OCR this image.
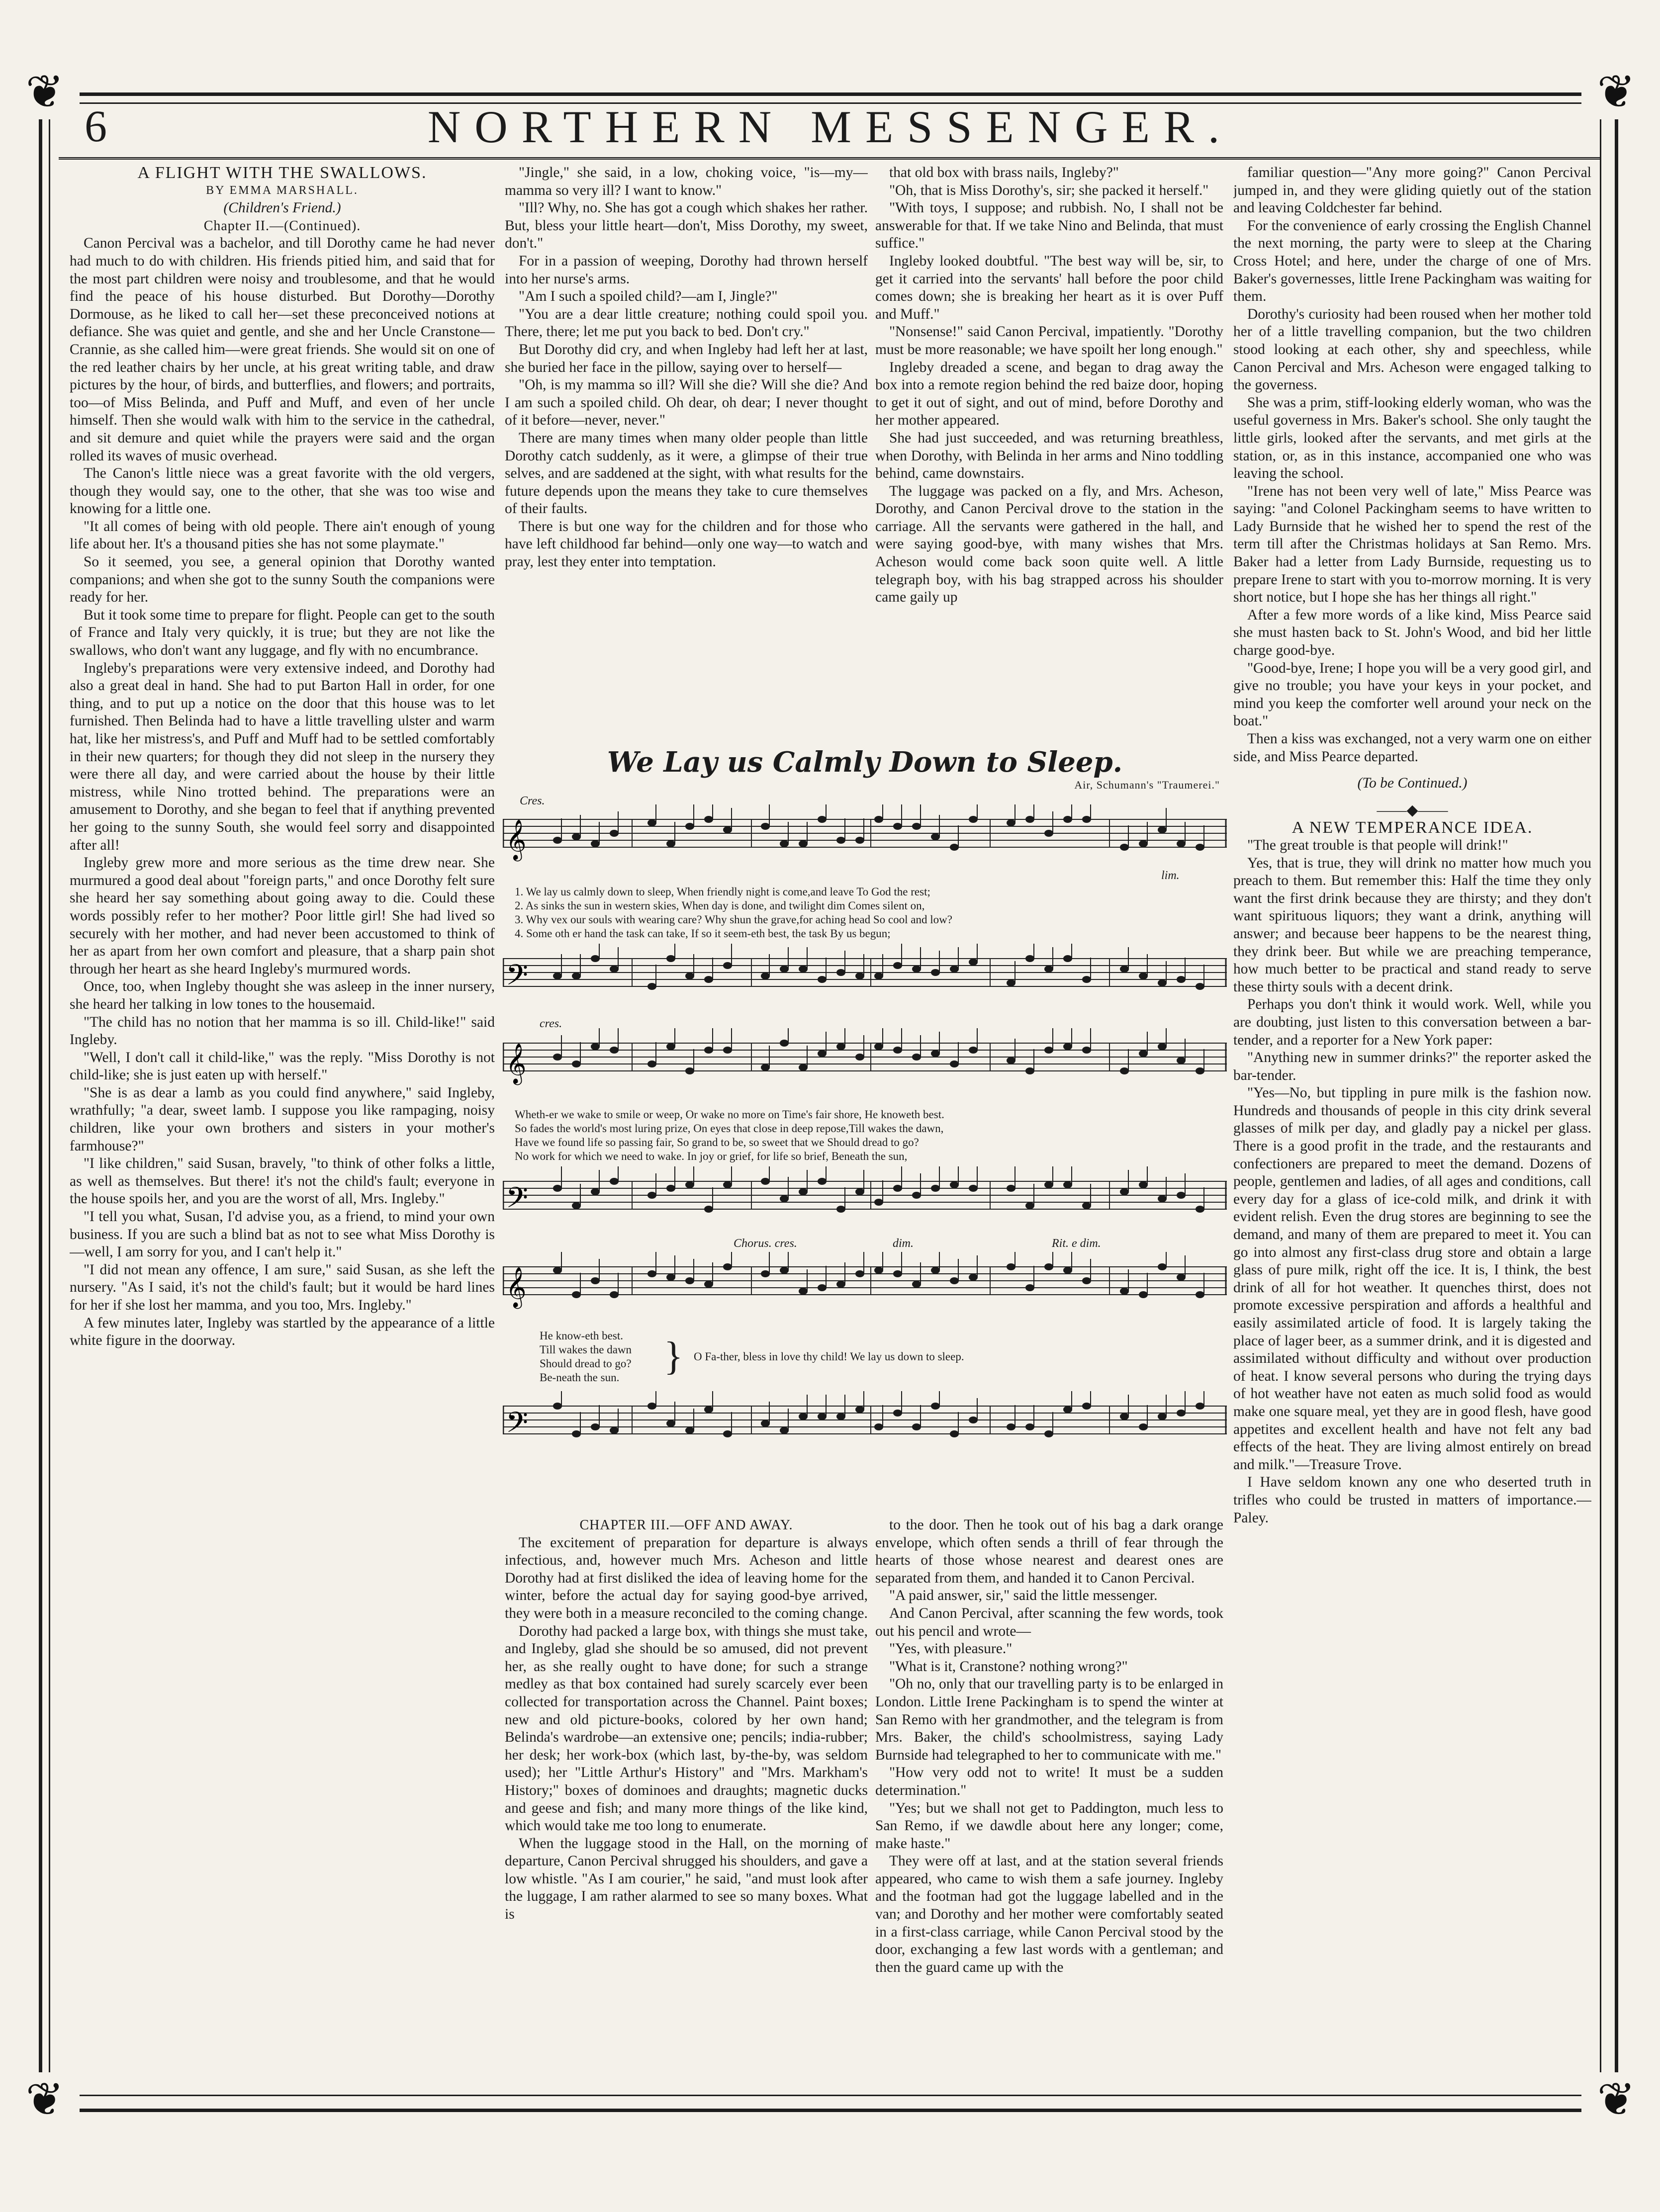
❦	❦
❦	❦
6	NORTHERN MESSENGER.

A FLIGHT WITH THE SWALLOWS.

BY EMMA MARSHALL.

(Children's Friend.)

Chapter II.—(Continued).

Canon Percival was a bachelor, and till Dorothy came he had never had much to do with children. His friends pitied him, and said that for the most part children were noisy and troublesome, and that he would find the peace of his house disturbed. But Dorothy—Dorothy Dormouse, as he liked to call her—set these preconceived notions at defiance. She was quiet and gentle, and she and her Uncle Cranstone—Crannie, as she called him—were great friends. She would sit on one of the red leather chairs by her uncle, at his great writing table, and draw pictures by the hour, of birds, and butterflies, and flowers; and portraits, too—of Miss Belinda, and Puff and Muff, and even of her uncle himself. Then she would walk with him to the service in the cathedral, and sit demure and quiet while the prayers were said and the organ rolled its waves of music overhead.

The Canon's little niece was a great favorite with the old vergers, though they would say, one to the other, that she was too wise and knowing for a little one.

"It all comes of being with old people. There ain't enough of young life about her. It's a thousand pities she has not some playmate."

So it seemed, you see, a general opinion that Dorothy wanted companions; and when she got to the sunny South the companions were ready for her.

But it took some time to prepare for flight. People can get to the south of France and Italy very quickly, it is true; but they are not like the swallows, who don't want any luggage, and fly with no encumbrance.

Ingleby's preparations were very extensive indeed, and Dorothy had also a great deal in hand. She had to put Barton Hall in order, for one thing, and to put up a notice on the door that this house was to let furnished. Then Belinda had to have a little travelling ulster and warm hat, like her mistress's, and Puff and Muff had to be settled comfortably in their new quarters; for though they did not sleep in the nursery they were there all day, and were carried about the house by their little mistress, while Nino trotted behind. The preparations were an amusement to Dorothy, and she began to feel that if anything prevented her going to the sunny South, she would feel sorry and disappointed after all!

Ingleby grew more and more serious as the time drew near. She murmured a good deal about "foreign parts," and once Dorothy felt sure she heard her say something about going away to die. Could these words possibly refer to her mother? Poor little girl! She had lived so securely with her mother, and had never been accustomed to think of her as apart from her own comfort and pleasure, that a sharp pain shot through her heart as she heard Ingleby's murmured words.

Once, too, when Ingleby thought she was asleep in the inner nursery, she heard her talking in low tones to the housemaid.

"The child has no notion that her mamma is so ill. Child-like!" said Ingleby.

"Well, I don't call it child-like," was the reply. "Miss Dorothy is not child-like; she is just eaten up with herself."

"She is as dear a lamb as you could find anywhere," said Ingleby, wrathfully; "a dear, sweet lamb. I suppose you like rampaging, noisy children, like your own brothers and sisters in your mother's farmhouse?"

"I like children," said Susan, bravely, "to think of other folks a little, as well as themselves. But there! it's not the child's fault; everyone in the house spoils her, and you are the worst of all, Mrs. Ingleby."

"I tell you what, Susan, I'd advise you, as a friend, to mind your own business. If you are such a blind bat as not to see what Miss Dorothy is—well, I am sorry for you, and I can't help it."

"I did not mean any offence, I am sure," said Susan, as she left the nursery. "As I said, it's not the child's fault; but it would be hard lines for her if she lost her mamma, and you too, Mrs. Ingleby."

A few minutes later, Ingleby was startled by the appearance of a little white figure in the doorway.

"Jingle," she said, in a low, choking voice, "is—my—mamma so very ill? I want to know."

"Ill? Why, no. She has got a cough which shakes her rather. But, bless your little heart—don't, Miss Dorothy, my sweet, don't."

For in a passion of weeping, Dorothy had thrown herself into her nurse's arms.

"Am I such a spoiled child?—am I, Jingle?"

"You are a dear little creature; nothing could spoil you. There, there; let me put you back to bed. Don't cry."

But Dorothy did cry, and when Ingleby had left her at last, she buried her face in the pillow, saying over to herself—

"Oh, is my mamma so ill? Will she die? Will she die? And I am such a spoiled child. Oh dear, oh dear; I never thought of it before—never, never."

There are many times when many older people than little Dorothy catch suddenly, as it were, a glimpse of their true selves, and are saddened at the sight, with what results for the future depends upon the means they take to cure themselves of their faults.

There is but one way for the children and for those who have left childhood far behind—only one way—to watch and pray, lest they enter into temptation.

that old box with brass nails, Ingleby?"

"Oh, that is Miss Dorothy's, sir; she packed it herself."

"With toys, I suppose; and rubbish. No, I shall not be answerable for that. If we take Nino and Belinda, that must suffice."

Ingleby looked doubtful. "The best way will be, sir, to get it carried into the servants' hall before the poor child comes down; she is breaking her heart as it is over Puff and Muff."

"Nonsense!" said Canon Percival, impatiently. "Dorothy must be more reasonable; we have spoilt her long enough."

Ingleby dreaded a scene, and began to drag away the box into a remote region behind the red baize door, hoping to get it out of sight, and out of mind, before Dorothy and her mother appeared.

She had just succeeded, and was returning breathless, when Dorothy, with Belinda in her arms and Nino toddling behind, came downstairs.

The luggage was packed on a fly, and Mrs. Acheson, Dorothy, and Canon Percival drove to the station in the carriage. All the servants were gathered in the hall, and were saying good-bye, with many wishes that Mrs. Acheson would come back soon quite well. A little telegraph boy, with his bag strapped across his shoulder came gaily up

familiar question—"Any more going?" Canon Percival jumped in, and they were gliding quietly out of the station and leaving Coldchester far behind.

For the convenience of early crossing the English Channel the next morning, the party were to sleep at the Charing Cross Hotel; and here, under the charge of one of Mrs. Baker's governesses, little Irene Packingham was waiting for them.

Dorothy's curiosity had been roused when her mother told her of a little travelling companion, but the two children stood looking at each other, shy and speechless, while Canon Percival and Mrs. Acheson were engaged talking to the governess.

She was a prim, stiff-looking elderly woman, who was the useful governess in Mrs. Baker's school. She only taught the little girls, looked after the servants, and met girls at the station, or, as in this instance, accompanied one who was leaving the school.

"Irene has not been very well of late," Miss Pearce was saying: "and Colonel Packingham seems to have written to Lady Burnside that he wished her to spend the rest of the term till after the Christmas holidays at San Remo. Mrs. Baker had a letter from Lady Burnside, requesting us to prepare Irene to start with you to-morrow morning. It is very short notice, but I hope she has her things all right."

After a few more words of a like kind, Miss Pearce said she must hasten back to St. John's Wood, and bid her little charge good-bye.

"Good-bye, Irene; I hope you will be a very good girl, and give no trouble; you have your keys in your pocket, and mind you keep the comforter well around your neck on the boat."

Then a kiss was exchanged, not a very warm one on either side, and Miss Pearce departed.

(To be Continued.)

——◆——

A NEW TEMPERANCE IDEA.

"The great trouble is that people will drink!"

Yes, that is true, they will drink no matter how much you preach to them. But remember this: Half the time they only want the first drink because they are thirsty; and they don't want spirituous liquors; they want a drink, anything will answer; and because beer happens to be the nearest thing, they drink beer. But while we are preaching temperance, how much better to be practical and stand ready to serve these thirty souls with a decent drink.

Perhaps you don't think it would work. Well, while you are doubting, just listen to this conversation between a bar-tender, and a reporter for a New York paper:

"Anything new in summer drinks?" the reporter asked the bar-tender.

"Yes—No, but tippling in pure milk is the fashion now. Hundreds and thousands of people in this city drink several glasses of milk per day, and gladly pay a nickel per glass. There is a good profit in the trade, and the restaurants and confectioners are prepared to meet the demand. Dozens of people, gentlemen and ladies, of all ages and conditions, call every day for a glass of ice-cold milk, and drink it with evident relish. Even the drug stores are beginning to see the demand, and many of them are prepared to meet it. You can go into almost any first-class drug store and obtain a large glass of pure milk, right off the ice. It is, I think, the best drink of all for hot weather. It quenches thirst, does not promote excessive perspiration and affords a healthful and easily assimilated article of food. It is largely taking the place of lager beer, as a summer drink, and it is digested and assimilated without difficulty and without over production of heat. I know several persons who during the trying days of hot weather have not eaten as much solid food as would make one square meal, yet they are in good flesh, have good appetites and excellent health and have not felt any bad effects of the heat. They are living almost entirely on bread and milk."—Treasure Trove.

I Have seldom known any one who deserted truth in trifles who could be trusted in matters of importance.—Paley.

We Lay us Calmly Down to Sleep.
Air, Schumann's "Traumerei."
Cres.
𝄞
lim.
1. We lay us calmly down to sleep, When friendly night is come,and leave To God the rest;
2. As sinks the sun in western skies, When day is done, and twilight dim Comes silent on,
3. Why vex our souls with wearing care? Why shun the grave,for aching head So cool and low?
4. Some oth er hand the task can take, If so it seem-eth best, the task By us begun;
𝄢
cres.
𝄞
Wheth-er we wake to smile or weep, Or wake no more on Time's fair shore, He knoweth best.
So fades the world's most luring prize, On eyes that close in deep repose,Till wakes the dawn,
Have we found life so passing fair, So grand to be, so sweet that we Should dread to go?
No work for which we need to wake. In joy or grief, for life so brief, Beneath the sun,
𝄢
Chorus. cres.	dim.	Rit. e dim.
𝄞
He know-eth best.
Till wakes the dawn
Should dread to go?
Be-neath the sun. } O Fa-ther, bless in love thy child! We lay us down to sleep.
𝄢

CHAPTER III.—OFF AND AWAY.

The excitement of preparation for departure is always infectious, and, however much Mrs. Acheson and little Dorothy had at first disliked the idea of leaving home for the winter, before the actual day for saying good-bye arrived, they were both in a measure reconciled to the coming change.

Dorothy had packed a large box, with things she must take, and Ingleby, glad she should be so amused, did not prevent her, as she really ought to have done; for such a strange medley as that box contained had surely scarcely ever been collected for transportation across the Channel. Paint boxes; new and old picture-books, colored by her own hand; Belinda's wardrobe—an extensive one; pencils; india-rubber; her desk; her work-box (which last, by-the-by, was seldom used); her "Little Arthur's History" and "Mrs. Markham's History;" boxes of dominoes and draughts; magnetic ducks and geese and fish; and many more things of the like kind, which would take me too long to enumerate.

When the luggage stood in the Hall, on the morning of departure, Canon Percival shrugged his shoulders, and gave a low whistle. "As I am courier," he said, "and must look after the luggage, I am rather alarmed to see so many boxes. What is

to the door. Then he took out of his bag a dark orange envelope, which often sends a thrill of fear through the hearts of those whose nearest and dearest ones are separated from them, and handed it to Canon Percival.

"A paid answer, sir," said the little messenger.

And Canon Percival, after scanning the few words, took out his pencil and wrote—

"Yes, with pleasure."

"What is it, Cranstone? nothing wrong?"

"Oh no, only that our travelling party is to be enlarged in London. Little Irene Packingham is to spend the winter at San Remo with her grandmother, and the telegram is from Mrs. Baker, the child's schoolmistress, saying Lady Burnside had telegraphed to her to communicate with me."

"How very odd not to write! It must be a sudden determination."

"Yes; but we shall not get to Paddington, much less to San Remo, if we dawdle about here any longer; come, make haste."

They were off at last, and at the station several friends appeared, who came to wish them a safe journey. Ingleby and the footman had got the luggage labelled and in the van; and Dorothy and her mother were comfortably seated in a first-class carriage, while Canon Percival stood by the door, exchanging a few last words with a gentleman; and then the guard came up with the
